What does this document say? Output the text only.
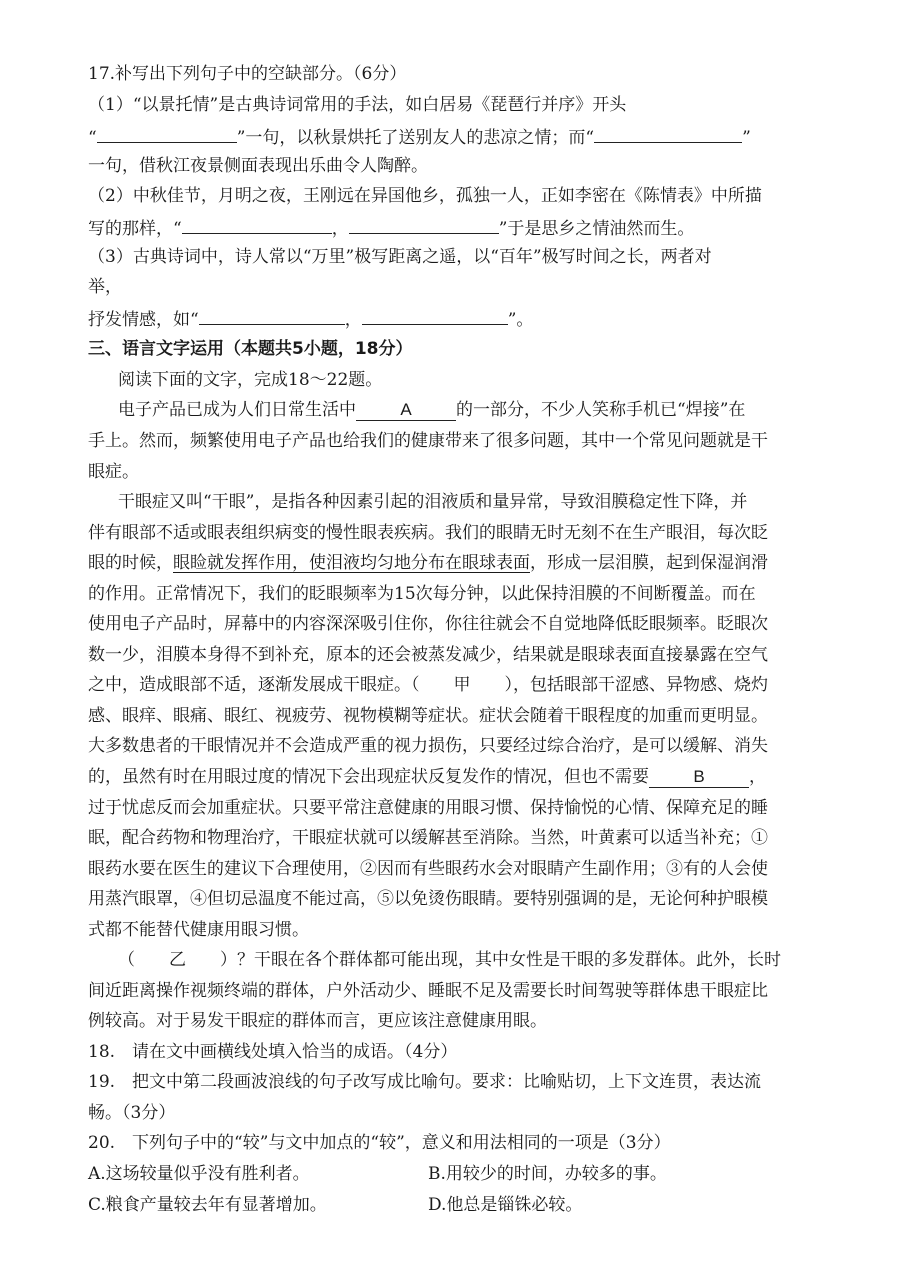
17.补写出下列句子中的空缺部分。（6分）
（1）“以景托情”是古典诗词常用的手法，如白居易《琵琶行并序》开头
“	”一句，以秋景烘托了送别友人的悲凉之情；而“	”
一句，借秋江夜景侧面表现出乐曲令人陶醉。
（2）中秋佳节，月明之夜，王刚远在异国他乡，孤独一人，正如李密在《陈情表》中所描
写的那样，“	，	”于是思乡之情油然而生。
（3）古典诗词中，诗人常以“万里”极写距离之遥，以“百年”极写时间之长，两者对
举，
抒发情感，如“	，	”。
三、语言文字运用（本题共5小题，18分）
阅读下面的文字，完成18～22题。
电子产品已成为人们日常生活中	A	的一部分，不少人笑称手机已“焊接”在
手上。然而，频繁使用电子产品也给我们的健康带来了很多问题，其中一个常见问题就是干
眼症。
干眼症又叫“干眼”，是指各种因素引起的泪液质和量异常，导致泪膜稳定性下降，并
伴有眼部不适或眼表组织病变的慢性眼表疾病。我们的眼睛无时无刻不在生产眼泪，每次眨
眼的时候，眼睑就发挥作用，使泪液均匀地分布在眼球表面，形成一层泪膜，起到保湿润滑
的作用。正常情况下，我们的眨眼频率为15次每分钟，以此保持泪膜的不间断覆盖。而在
使用电子产品时，屏幕中的内容深深吸引住你，你往往就会不自觉地降低眨眼频率。眨眼次
数一少，泪膜本身得不到补充，原本的还会被蒸发减少，结果就是眼球表面直接暴露在空气
之中，造成眼部不适，逐渐发展成干眼症。（　　甲　　），包括眼部干涩感、异物感、烧灼
感、眼痒、眼痛、眼红、视疲劳、视物模糊等症状。症状会随着干眼程度的加重而更明显。
大多数患者的干眼情况并不会造成严重的视力损伤，只要经过综合治疗，是可以缓解、消失
的，虽然有时在用眼过度的情况下会出现症状反复发作的情况，但也不需要	B	，
过于忧虑反而会加重症状。只要平常注意健康的用眼习惯、保持愉悦的心情、保障充足的睡
眠，配合药物和物理治疗，干眼症状就可以缓解甚至消除。当然，叶黄素可以适当补充；①
眼药水要在医生的建议下合理使用，②因而有些眼药水会对眼睛产生副作用；③有的人会使
用蒸汽眼罩，④但切忌温度不能过高，⑤以免烫伤眼睛。要特别强调的是，无论何种护眼模
式都不能替代健康用眼习惯。
（　　乙　　）？干眼在各个群体都可能出现，其中女性是干眼的多发群体。此外，长时
间近距离操作视频终端的群体，户外活动少、睡眠不足及需要长时间驾驶等群体患干眼症比
例较高。对于易发干眼症的群体而言，更应该注意健康用眼。
18.　请在文中画横线处填入恰当的成语。（4分）
19.　把文中第二段画波浪线的句子改写成比喻句。要求：比喻贴切，上下文连贯，表达流
畅。（3分）
20.　下列句子中的“较”与文中加点的“较”，意义和用法相同的一项是（3分）
A.这场较量似乎没有胜利者。	B.用较少的时间，办较多的事。
C.粮食产量较去年有显著增加。	D.他总是锱铢必较。
